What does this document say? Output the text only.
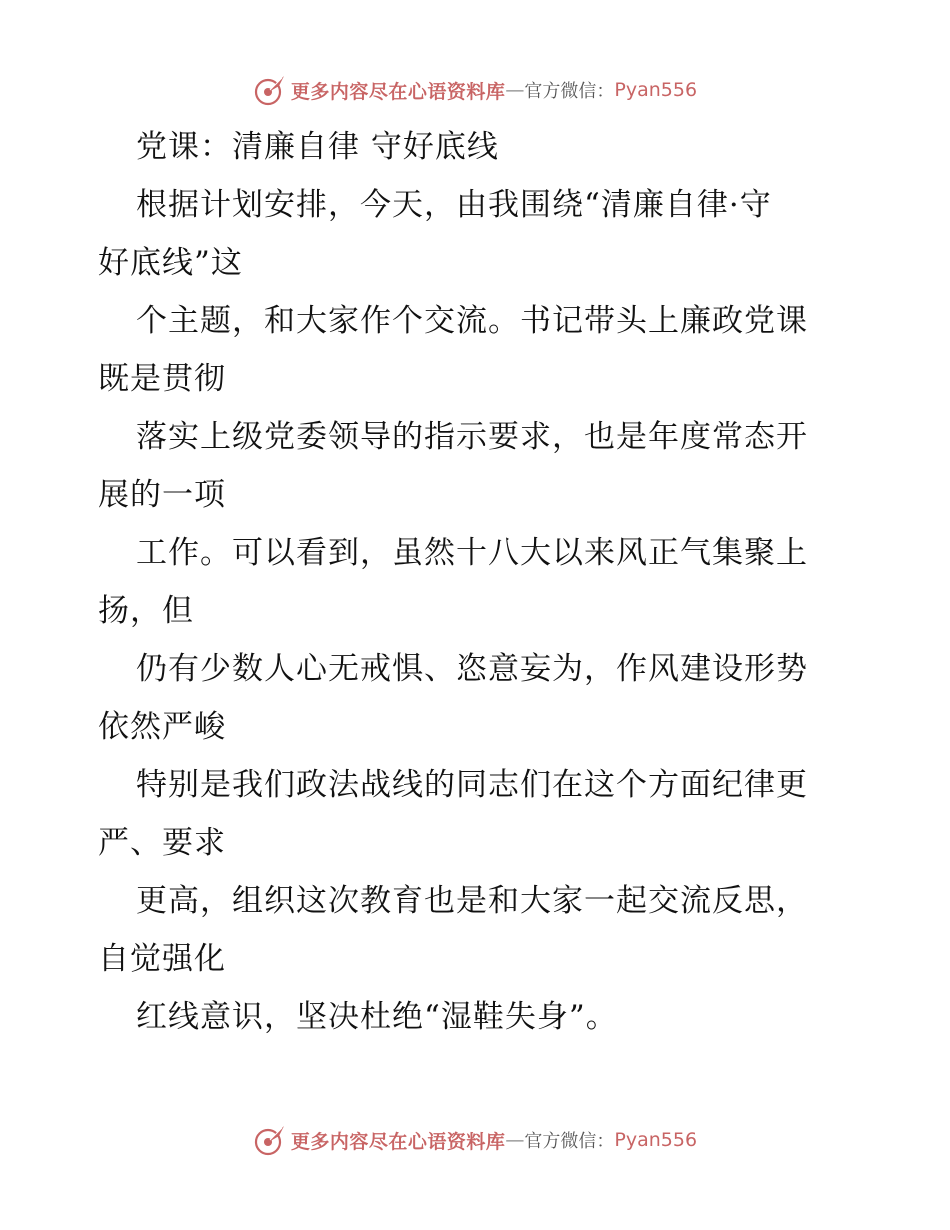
更多内容尽在心语资料库 — 官方微信： Pyan556
党课：清廉自律 守好底线
根据计划安排，今天，由我围绕“清廉自律·守
好底线”这
个主题，和大家作个交流。书记带头上廉政党课
既是贯彻
落实上级党委领导的指示要求，也是年度常态开
展的一项
工作。可以看到，虽然十八大以来风正气集聚上
扬，但
仍有少数人心无戒惧、恣意妄为，作风建设形势
依然严峻
特别是我们政法战线的同志们在这个方面纪律更
严、要求
更高，组织这次教育也是和大家一起交流反思，
自觉强化
红线意识，坚决杜绝“湿鞋失身”。
更多内容尽在心语资料库 — 官方微信： Pyan556
